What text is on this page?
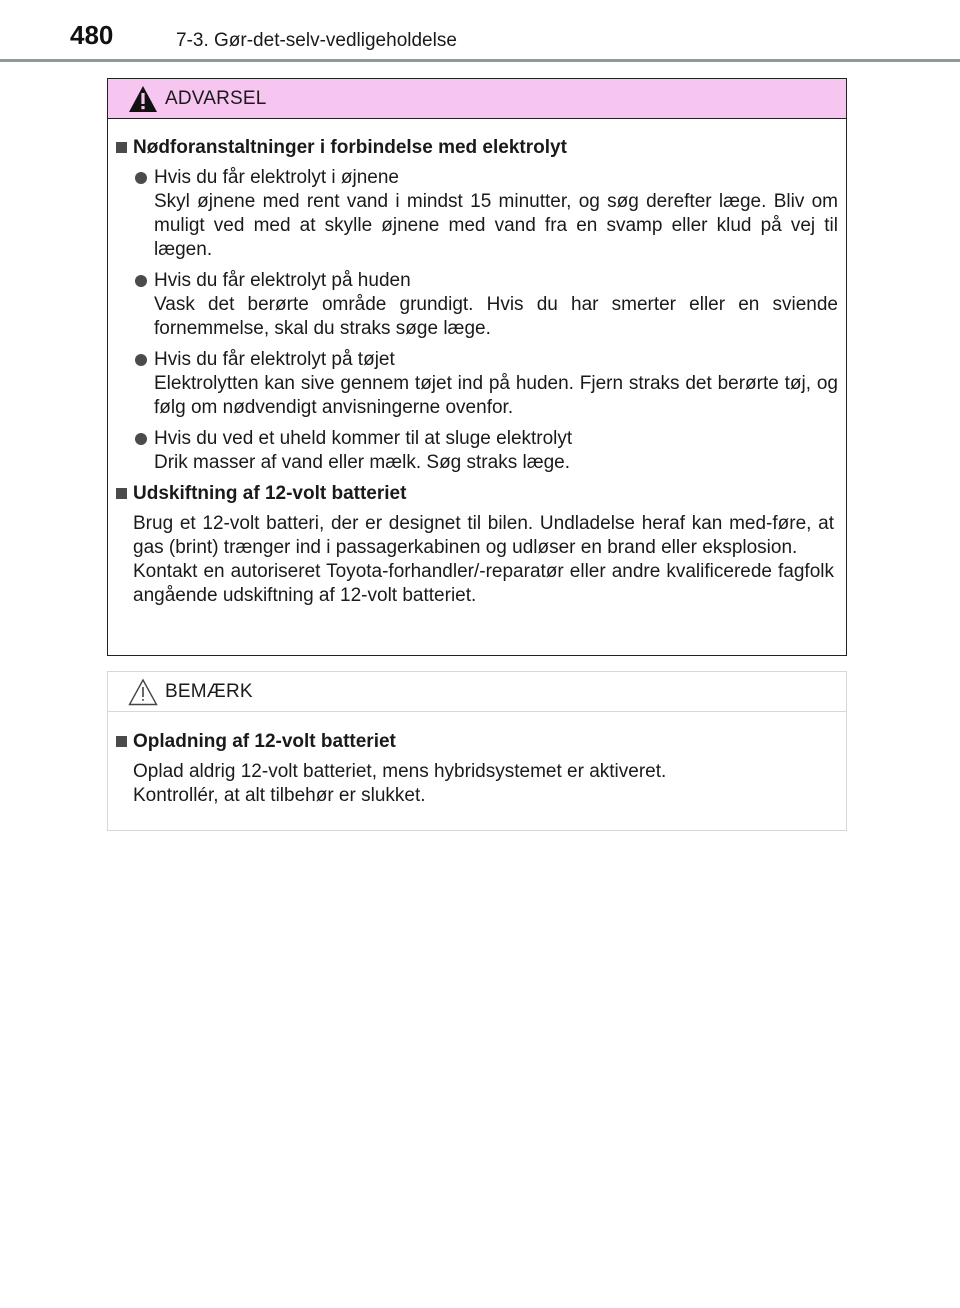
480	7-3. Gør-det-selv-vedligeholdelse
ADVARSEL
Nødforanstaltninger i forbindelse med elektrolyt
Hvis du får elektrolyt i øjnene
Skyl øjnene med rent vand i mindst 15 minutter, og søg derefter læge. Bliv om muligt ved med at skylle øjnene med vand fra en svamp eller klud på vej til lægen.
Hvis du får elektrolyt på huden
Vask det berørte område grundigt. Hvis du har smerter eller en sviende fornemmelse, skal du straks søge læge.
Hvis du får elektrolyt på tøjet
Elektrolytten kan sive gennem tøjet ind på huden. Fjern straks det berørte tøj, og følg om nødvendigt anvisningerne ovenfor.
Hvis du ved et uheld kommer til at sluge elektrolyt
Drik masser af vand eller mælk. Søg straks læge.
Udskiftning af 12-volt batteriet
Brug et 12-volt batteri, der er designet til bilen. Undladelse heraf kan med-føre, at gas (brint) trænger ind i passagerkabinen og udløser en brand eller eksplosion.
Kontakt en autoriseret Toyota-forhandler/-reparatør eller andre kvalificerede fagfolk angående udskiftning af 12-volt batteriet.
BEMÆRK
Opladning af 12-volt batteriet
Oplad aldrig 12-volt batteriet, mens hybridsystemet er aktiveret.
Kontrollér, at alt tilbehør er slukket.
